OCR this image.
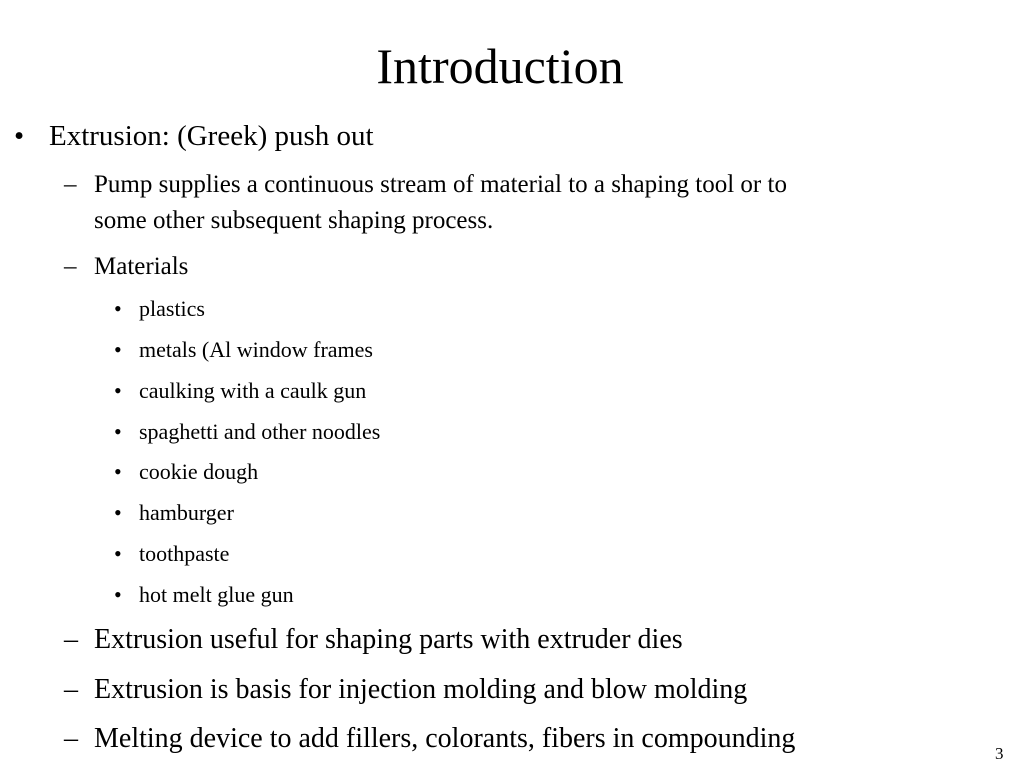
Introduction
• Extrusion: (Greek) push out
– Pump supplies a continuous stream of material to a shaping tool or to
some other subsequent shaping process.
– Materials
• plastics
• metals (Al window frames
• caulking with a caulk gun
• spaghetti and other noodles
• cookie dough
• hamburger
• toothpaste
• hot melt glue gun
– Extrusion useful for shaping parts with extruder dies
– Extrusion is basis for injection molding and blow molding
– Melting device to add fillers, colorants, fibers in compounding	3
